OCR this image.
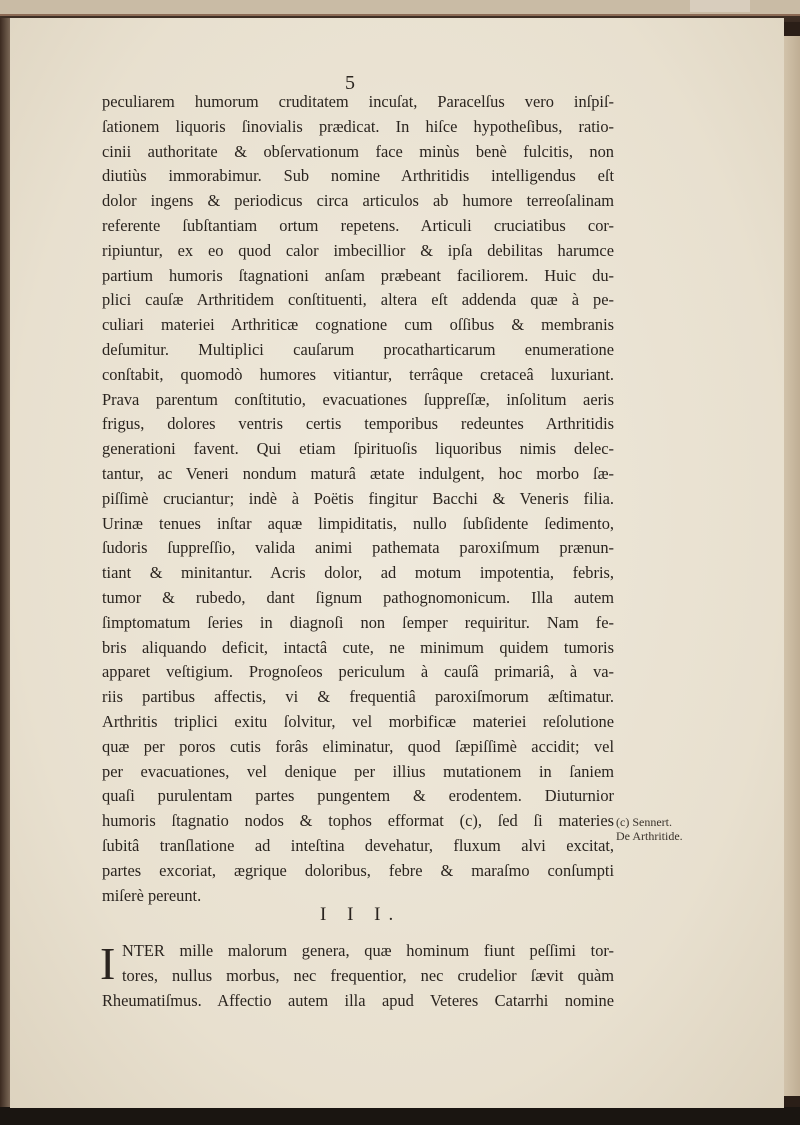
5
peculiarem humorum cruditatem incuſat, Paracelſus vero inſpiſ-
ſationem liquoris ſinovialis prædicat. In hiſce hypotheſibus, ratio-
cinii authoritate & obſervationum face minùs benè fulcitis, non
diutiùs immorabimur. Sub nomine Arthritidis intelligendus eſt
dolor ingens & periodicus circa articulos ab humore terreoſalinam
referente ſubſtantiam ortum repetens. Articuli cruciatibus cor-
ripiuntur, ex eo quod calor imbecillior & ipſa debilitas harumce
partium humoris ſtagnationi anſam præbeant faciliorem. Huic du-
plici cauſæ Arthritidem conſtituenti, altera eſt addenda quæ à pe-
culiari materiei Arthriticæ cognatione cum oſſibus & membranis
deſumitur. Multiplici cauſarum procatharticarum enumeratione
conſtabit, quomodò humores vitiantur, terrâque cretaceâ luxuriant.
Prava parentum conſtitutio, evacuationes ſuppreſſæ, inſolitum aeris
frigus, dolores ventris certis temporibus redeuntes Arthritidis
generationi favent. Qui etiam ſpirituoſis liquoribus nimis delec-
tantur, ac Veneri nondum maturâ ætate indulgent, hoc morbo ſæ-
piſſimè cruciantur; indè à Poëtis fingitur Bacchi & Veneris filia.
Urinæ tenues inſtar aquæ limpiditatis, nullo ſubſidente ſedimento,
ſudoris ſuppreſſio, valida animi pathemata paroxiſmum prænun-
tiant & minitantur. Acris dolor, ad motum impotentia, febris,
tumor & rubedo, dant ſignum pathognomonicum. Illa autem
ſimptomatum ſeries in diagnoſi non ſemper requiritur. Nam fe-
bris aliquando deficit, intactâ cute, ne minimum quidem tumoris
apparet veſtigium. Prognoſeos periculum à cauſâ primariâ, à va-
riis partibus affectis, vi & frequentiâ paroxiſmorum æſtimatur.
Arthritis triplici exitu ſolvitur, vel morbificæ materiei reſolutione
quæ per poros cutis forâs eliminatur, quod ſæpiſſimè accidit; vel
per evacuationes, vel denique per illius mutationem in ſaniem
quaſi purulentam partes pungentem & erodentem. Diuturnior
humoris ſtagnatio nodos & tophos efformat (c), ſed ſi materies
ſubitâ tranſlatione ad inteſtina devehatur, fluxum alvi excitat,
partes excoriat, ægrique doloribus, febre & maraſmo conſumpti
miſerè pereunt.
I I I.
I NTER mille malorum genera, quæ hominum fiunt peſſimi tor-
tores, nullus morbus, nec frequentior, nec crudelior ſævit quàm
Rheumatiſmus. Affectio autem illa apud Veteres Catarrhi nomine
(c) Sennert.
De Arthritide.
